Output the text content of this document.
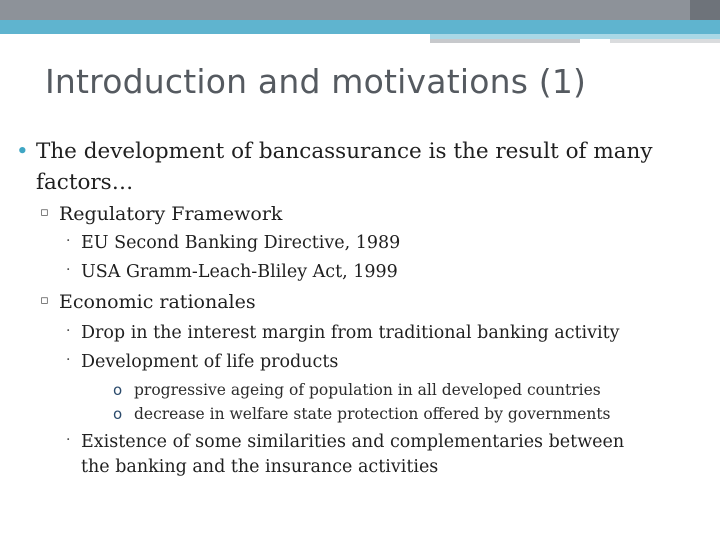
Introduction and motivations (1)
• The development of bancassurance is the result of many
factors…
▫ Regulatory Framework
· EU Second Banking Directive, 1989
· USA Gramm-Leach-Bliley Act, 1999
▫ Economic rationales
· Drop in the interest margin from traditional banking activity
· Development of life products
o progressive ageing of population in all developed countries
o decrease in welfare state protection offered by governments
· Existence of some similarities and complementaries between
the banking and the insurance activities
